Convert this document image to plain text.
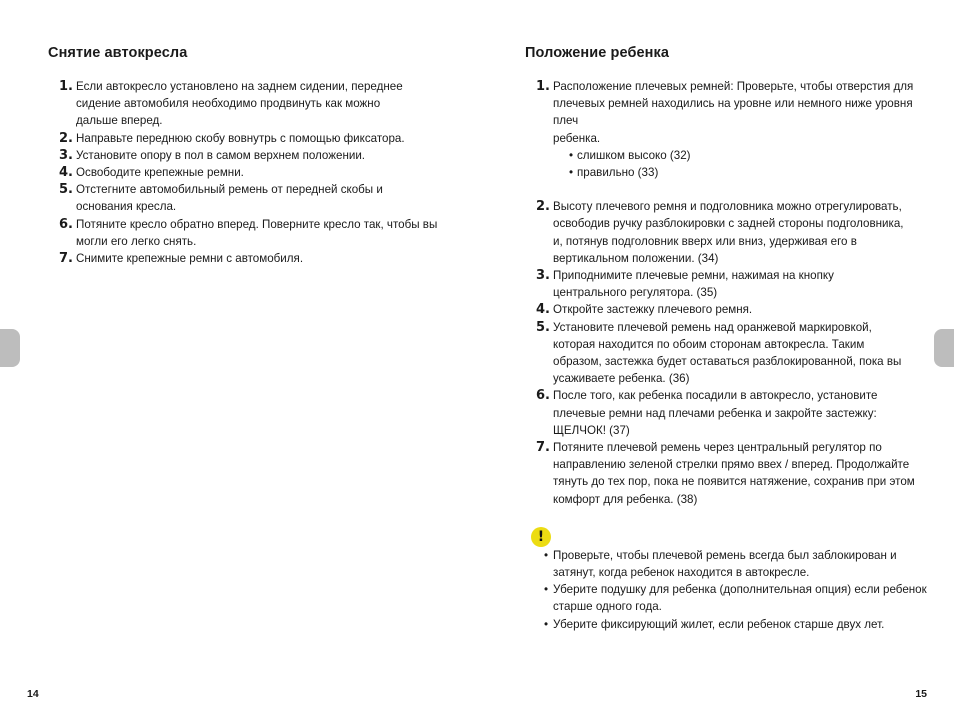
Снятие автокресла
1. Если автокресло установлено на заднем сидении, переднее
сидение автомобиля необходимо продвинуть как можно
дальше вперед.
2. Направьте переднюю скобу вовнутрь с помощью фиксатора.
3. Установите опору в пол в самом верхнем положении.
4. Освободите крепежные ремни.
5. Отстегните автомобильный ремень от передней скобы и
основания кресла.
6. Потяните кресло обратно вперед. Поверните кресло так, чтобы вы
могли его легко снять.
7. Снимите крепежные ремни с автомобиля.
Положение ребенка
1. Расположение плечевых ремней: Проверьте, чтобы отверстия для
плечевых ремней находились на уровне или немного ниже уровня плеч
ребенка.
• слишком высоко (32)
• правильно (33)
2. Высоту плечевого ремня и подголовника можно отрегулировать,
освободив ручку разблокировки с задней стороны подголовника,
и, потянув подголовник вверх или вниз, удерживая его в
вертикальном положении. (34)
3. Приподнимите плечевые ремни, нажимая на кнопку
центрального регулятора. (35)
4. Откройте застежку плечевого ремня.
5. Установите плечевой ремень над оранжевой маркировкой,
которая находится по обоим сторонам автокресла. Таким
образом, застежка будет оставаться разблокированной, пока вы
усаживаете ребенка. (36)
6. После того, как ребенка посадили в автокресло, установите
плечевые ремни над плечами ребенка и закройте застежку:
ЩЕЛЧОК! (37)
7. Потяните плечевой ремень через центральный регулятор по
направлению зеленой стрелки прямо ввех / вперед. Продолжайте
тянуть до тех пор, пока не появится натяжение, сохранив при этом
комфорт для ребенка. (38)
!
• Проверьте, чтобы плечевой ремень всегда был заблокирован и
затянут, когда ребенок находится в автокресле.
• Уберите подушку для ребенка (дополнительная опция) если ребенок
старше одного года.
• Уберите фиксирующий жилет, если ребенок старше двух лет.
14	15
